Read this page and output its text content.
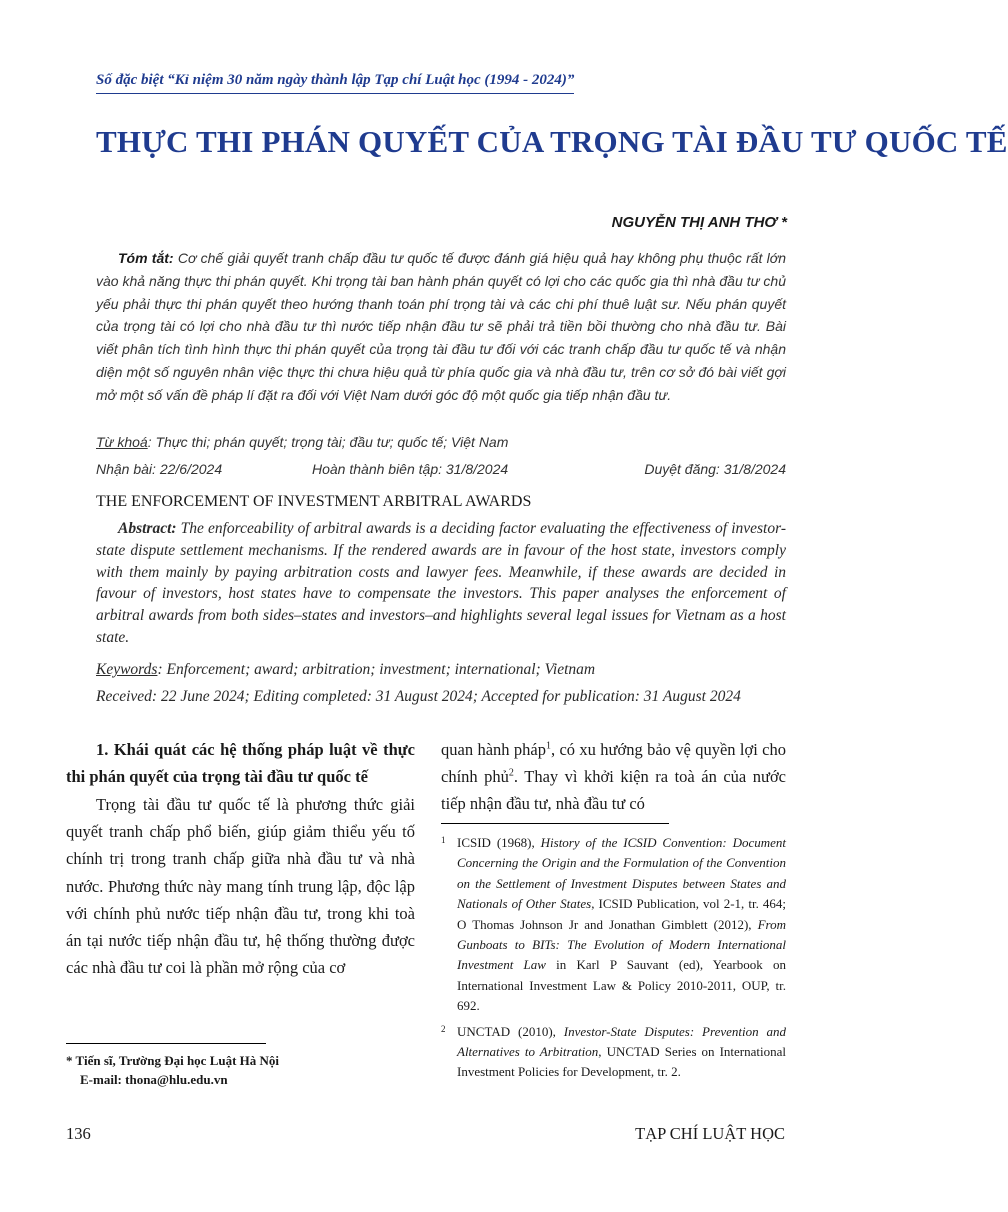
Số đặc biệt “Kỉ niệm 30 năm ngày thành lập Tạp chí Luật học (1994 - 2024)”
THỰC THI PHÁN QUYẾT CỦA TRỌNG TÀI ĐẦU TƯ QUỐC TẾ
NGUYỄN THỊ ANH THƠ *
Tóm tắt: Cơ chế giải quyết tranh chấp đầu tư quốc tế được đánh giá hiệu quả hay không phụ thuộc rất lớn vào khả năng thực thi phán quyết. Khi trọng tài ban hành phán quyết có lợi cho các quốc gia thì nhà đầu tư chủ yếu phải thực thi phán quyết theo hướng thanh toán phí trọng tài và các chi phí thuê luật sư. Nếu phán quyết của trọng tài có lợi cho nhà đầu tư thì nước tiếp nhận đầu tư sẽ phải trả tiền bồi thường cho nhà đầu tư. Bài viết phân tích tình hình thực thi phán quyết của trọng tài đầu tư đối với các tranh chấp đầu tư quốc tế và nhận diện một số nguyên nhân việc thực thi chưa hiệu quả từ phía quốc gia và nhà đầu tư, trên cơ sở đó bài viết gợi mở một số vấn đề pháp lí đặt ra đối với Việt Nam dưới góc độ một quốc gia tiếp nhận đầu tư.
Từ khoá: Thực thi; phán quyết; trọng tài; đầu tư; quốc tế; Việt Nam
Nhận bài: 22/6/2024	Hoàn thành biên tập: 31/8/2024	Duyệt đăng: 31/8/2024
THE ENFORCEMENT OF INVESTMENT ARBITRAL AWARDS
Abstract: The enforceability of arbitral awards is a deciding factor evaluating the effectiveness of investor-state dispute settlement mechanisms. If the rendered awards are in favour of the host state, investors comply with them mainly by paying arbitration costs and lawyer fees. Meanwhile, if these awards are decided in favour of investors, host states have to compensate the investors. This paper analyses the enforcement of arbitral awards from both sides–states and investors–and highlights several legal issues for Vietnam as a host state.
Keywords: Enforcement; award; arbitration; investment; international; Vietnam
Received: 22 June 2024; Editing completed: 31 August 2024; Accepted for publication: 31 August 2024
1. Khái quát các hệ thống pháp luật về thực thi phán quyết của trọng tài đầu tư quốc tế
Trọng tài đầu tư quốc tế là phương thức giải quyết tranh chấp phổ biến, giúp giảm thiểu yếu tố chính trị trong tranh chấp giữa nhà đầu tư và nhà nước. Phương thức này mang tính trung lập, độc lập với chính phủ nước tiếp nhận đầu tư, trong khi toà án tại nước tiếp nhận đầu tư, hệ thống thường được các nhà đầu tư coi là phần mở rộng của cơ
* Tiến sĩ, Trường Đại học Luật Hà Nội
E-mail: thona@hlu.edu.vn
quan hành pháp$^1$, có xu hướng bảo vệ quyền lợi cho chính phủ$^2$. Thay vì khởi kiện ra toà án của nước tiếp nhận đầu tư, nhà đầu tư có

1 ICSID (1968), History of the ICSID Convention: Document Concerning the Origin and the Formulation of the Convention on the Settlement of Investment Disputes between States and Nationals of Other States, ICSID Publication, vol 2-1, tr. 464; O Thomas Johnson Jr and Jonathan Gimblett (2012), From Gunboats to BITs: The Evolution of Modern International Investment Law in Karl P Sauvant (ed), Yearbook on International Investment Law & Policy 2010-2011, OUP, tr. 692.

2 UNCTAD (2010), Investor-State Disputes: Prevention and Alternatives to Arbitration, UNCTAD Series on International Investment Policies for Development, tr. 2.

136	TẠP CHÍ LUẬT HỌC
